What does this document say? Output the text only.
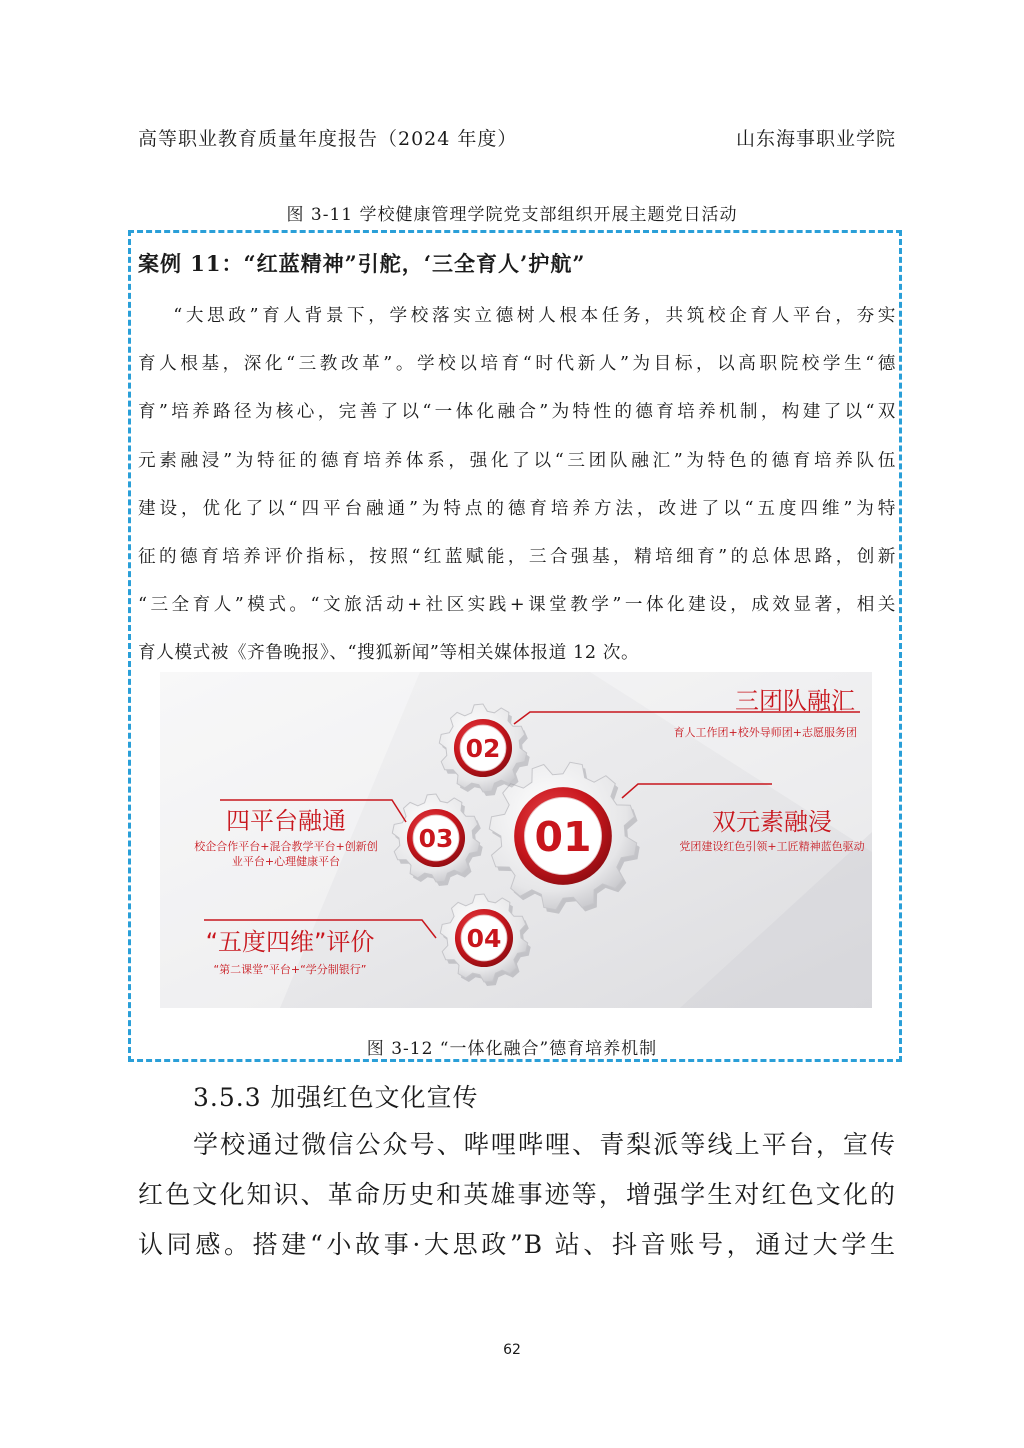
高等职业教育质量年度报告（2024 年度）	山东海事职业学院
图 3-11 学校健康管理学院党支部组织开展主题党日活动
案例 11：“红蓝精神”引舵，‘三全育人’护航”
“大思政”育人背景下，学校落实立德树人根本任务，共筑校企育人平台，夯实
育人根基，深化“三教改革”。学校以培育“时代新人”为目标，以高职院校学生“德
育”培养路径为核心，完善了以“一体化融合”为特性的德育培养机制，构建了以“双
元素融浸”为特征的德育培养体系，强化了以“三团队融汇”为特色的德育培养队伍
建设，优化了以“四平台融通”为特点的德育培养方法，改进了以“五度四维”为特
征的德育培养评价指标，按照“红蓝赋能，三合强基，精培细育”的总体思路，创新
“三全育人”模式。“文旅活动+社区实践+课堂教学”一体化建设，成效显著，相关
育人模式被《齐鲁晚报》、“搜狐新闻”等相关媒体报道 12 次。
01
02
03
04
三团队融汇
育人工作团+校外导师团+志愿服务团
双元素融浸
党团建设红色引领+工匠精神蓝色驱动
四平台融通
校企合作平台+混合教学平台+创新创
业平台+心理健康平台
“五度四维”评价
“第二课堂”平台+“学分制银行”
图 3-12 “一体化融合”德育培养机制
3.5.3 加强红色文化宣传
学校通过微信公众号、哔哩哔哩、青梨派等线上平台，宣传
红色文化知识、革命历史和英雄事迹等，增强学生对红色文化的
认同感。搭建“小故事·大思政”B 站、抖音账号，通过大学生
62
